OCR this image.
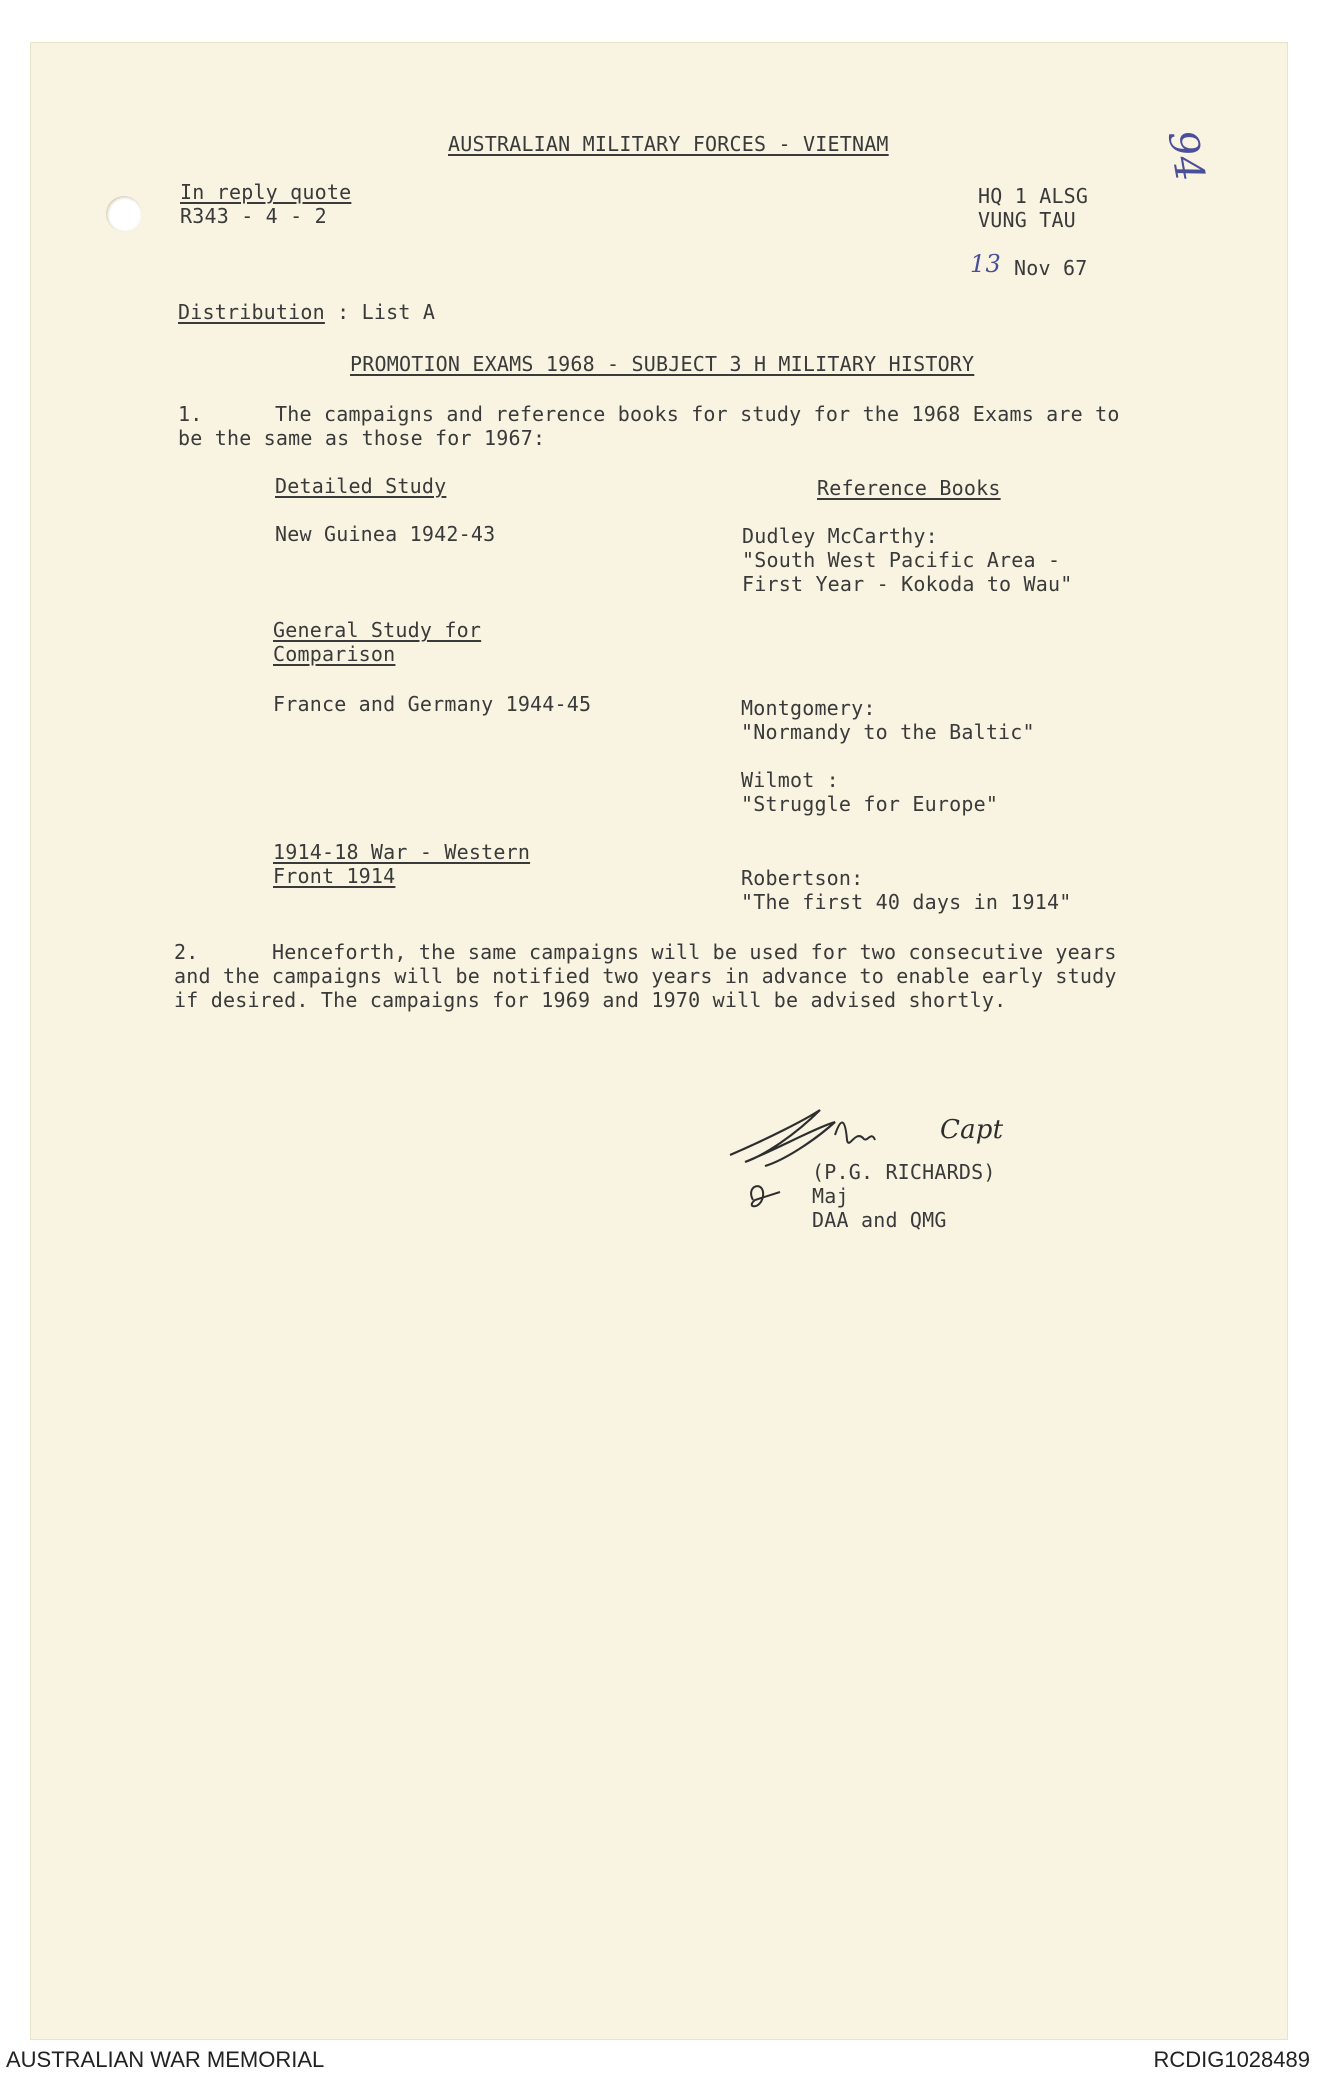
AUSTRALIAN MILITARY FORCES - VIETNAM	94
In reply quote
R343 - 4 - 2
HQ 1 ALSG
VUNG TAU
13 Nov 67
Distribution : List A
PROMOTION EXAMS 1968 - SUBJECT 3 H MILITARY HISTORY
1.	The campaigns and reference books for study for the 1968 Exams are to
be the same as those for 1967:
Detailed Study	Reference Books
New Guinea 1942-43	Dudley McCarthy:
"South West Pacific Area -
First Year - Kokoda to Wau"
General Study for
Comparison
France and Germany 1944-45	Montgomery:
"Normandy to the Baltic"
Wilmot :
"Struggle for Europe"
1914-18 War - Western
Front 1914	Robertson:
"The first 40 days in 1914"
2.	Henceforth, the same campaigns will be used for two consecutive years
and the campaigns will be notified two years in advance to enable early study
if desired. The campaigns for 1969 and 1970 will be advised shortly.
Capt
(P.G. RICHARDS)
Maj
DAA and QMG
AUSTRALIAN WAR MEMORIAL	RCDIG1028489
